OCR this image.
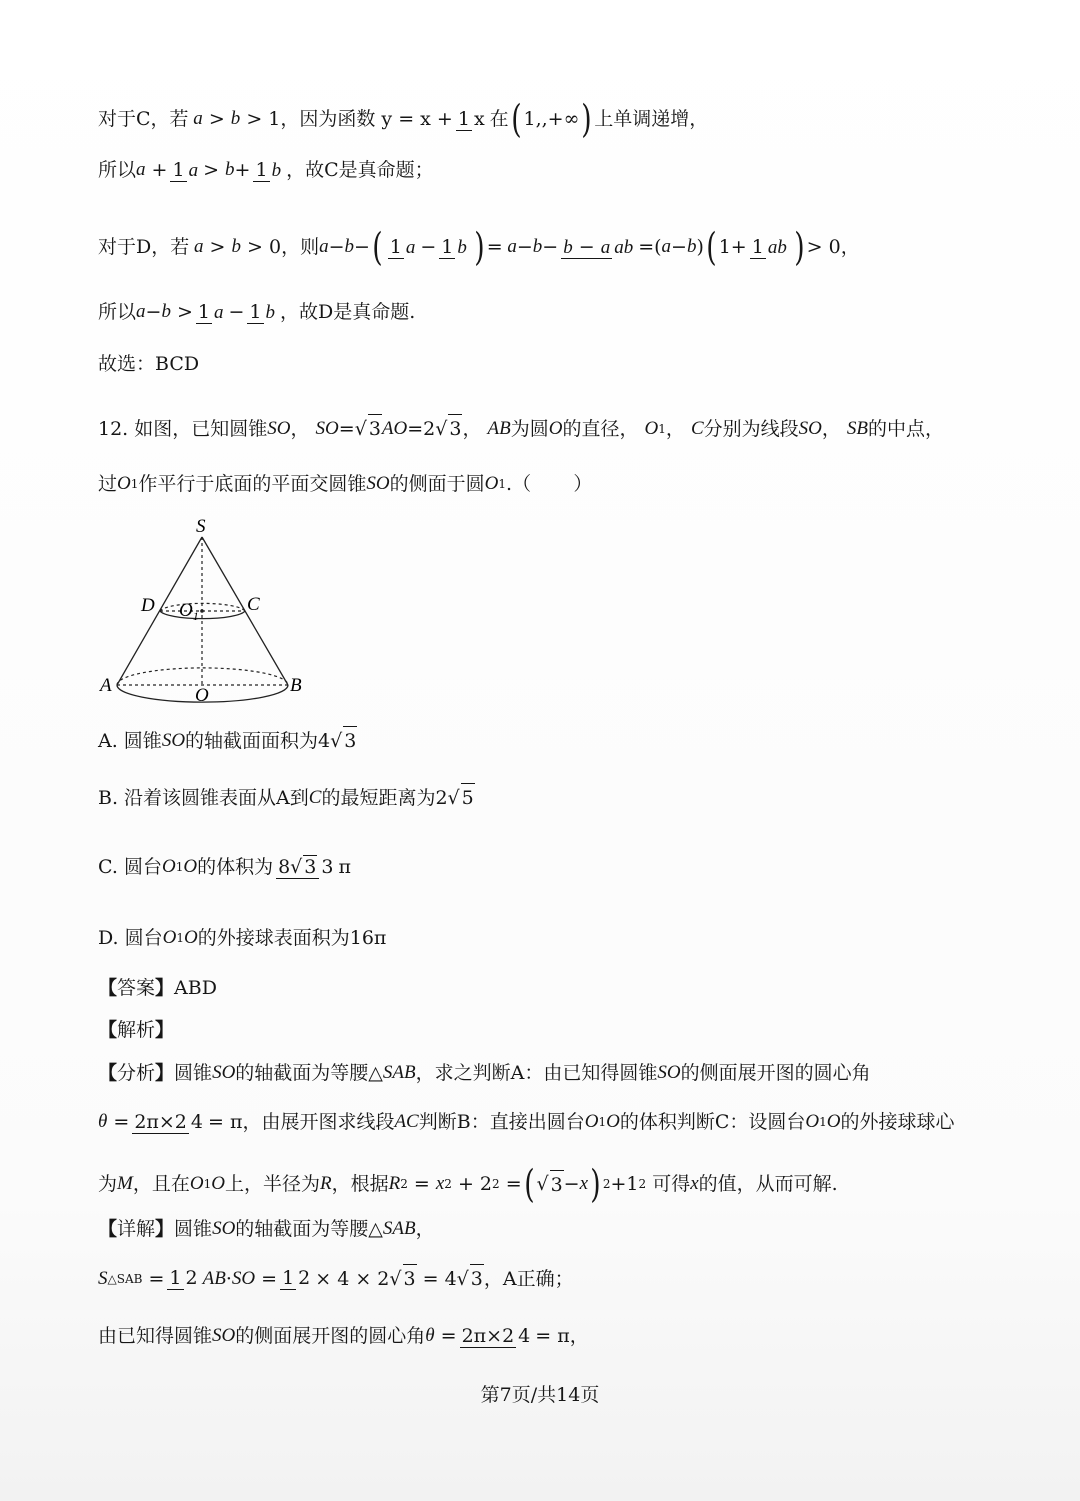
对于C，若 a > b > 1，因为函数 y = x + 1 x 在 ( 1,,+∞ ) 上单调递增，
所以 a + 1 a > b + 1 b ，故C是真命题；
对于D，若 a > b > 0，则 a − b − ( 1 a − 1 b ) = a − b − b − a ab = ( a − b ) ( 1+ 1 ab ) > 0，
所以 a − b > 1 a − 1 b ，故D是真命题.
故选：BCD
12. 如图，已知圆锥 SO ， SO =√ 3 AO =2√ 3 ， AB 为圆 O 的直径， O 1 ， C 分别为线段 SO ， SB 的中点，
过 O 1 作平行于底面的平面交圆锥 SO 的侧面于圆 O 1 .（       ）
S
D	C
$O_1$
A	B
O
A. 圆锥 SO 的轴截面面积为4√ 3
B. 沿着该圆锥表面从A到 C 的最短距离为2√ 5
C. 圆台 O 1 O 的体积为 8√ 3 3 π
D. 圆台 O 1 O 的外接球表面积为16π
【 答案 】 ABD
【 解析 】
【 分析 】 圆锥 SO 的轴截面为等腰△ SAB ，求之判断A：由已知得圆锥 SO 的侧面展开图的圆心角
θ = 2π×2 4 = π，由展开图求线段 AC 判断B：直接出圆台 O 1 O 的体积判断C：设圆台 O 1 O 的外接球球心
为 M ，且在 O 1 O 上，半径为 R ，根据 R 2 = x 2 + 2 2 = ( √ 3 − x ) 2 +1 2 可得 x 的值，从而可解.
【 详解 】 圆锥 SO 的轴截面为等腰△ SAB ，
S △SAB = 1 2 AB · SO = 1 2 × 4 × 2√ 3 = 4√ 3 ，A正确；
由已知得圆锥 SO 的侧面展开图的圆心角 θ = 2π×2 4 = π，
第7页/共14页
